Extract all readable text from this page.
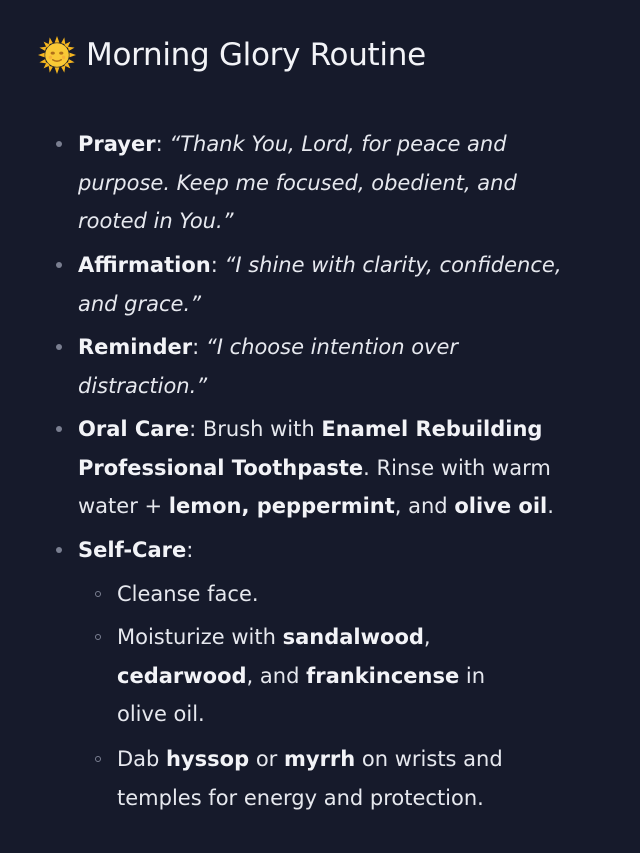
Morning Glory Routine
Prayer: “Thank You, Lord, for peace and
purpose. Keep me focused, obedient, and
rooted in You.”
Affirmation: “I shine with clarity, confidence,
and grace.”
Reminder: “I choose intention over
distraction.”
Oral Care: Brush with Enamel Rebuilding
Professional Toothpaste. Rinse with warm
water + lemon, peppermint, and olive oil.
Self-Care:
Cleanse face.
Moisturize with sandalwood,
cedarwood, and frankincense in
olive oil.
Dab hyssop or myrrh on wrists and
temples for energy and protection.
